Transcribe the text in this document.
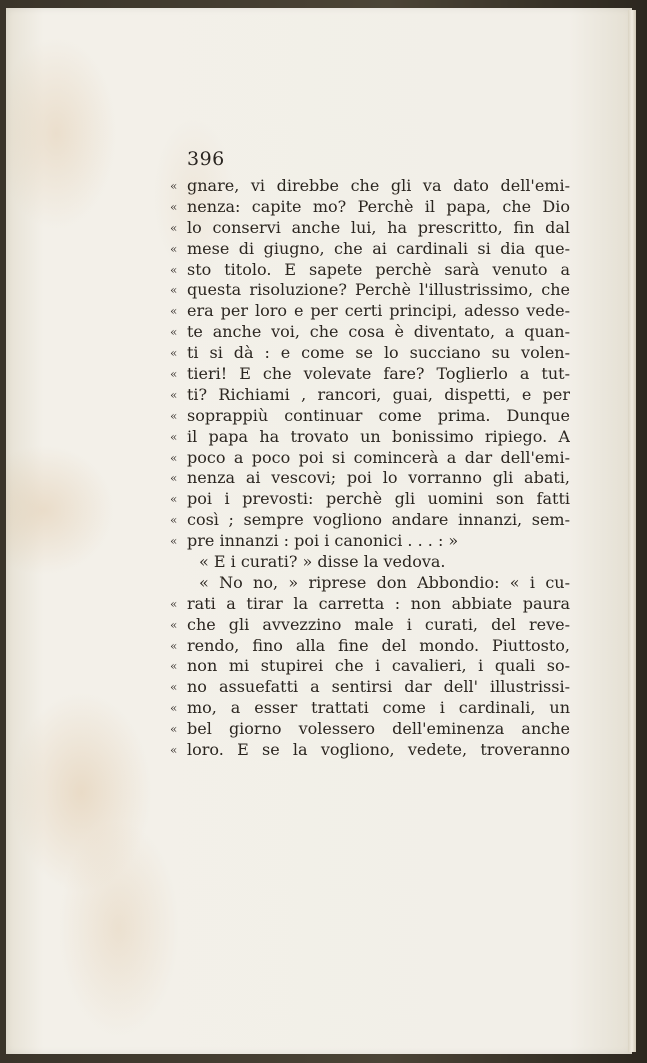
396
« gnare, vi direbbe che gli va dato dell'emi-
« nenza: capite mo? Perchè il papa, che Dio
« lo conservi anche lui, ha prescritto, fin dal
« mese di giugno, che ai cardinali si dia que-
« sto titolo. E sapete perchè sarà venuto a
« questa risoluzione? Perchè l'illustrissimo, che
« era per loro e per certi principi, adesso vede-
« te anche voi, che cosa è diventato, a quan-
« ti si dà : e come se lo succiano su volen-
« tieri! E che volevate fare? Toglierlo a tut-
« ti? Richiami , rancori, guai, dispetti, e per
« soprappiù continuar come prima. Dunque
« il papa ha trovato un bonissimo ripiego. A
« poco a poco poi si comincerà a dar dell'emi-
« nenza ai vescovi; poi lo vorranno gli abati,
« poi i prevosti: perchè gli uomini son fatti
« così ; sempre vogliono andare innanzi, sem-
« pre innanzi : poi i canonici . . . : »
« E i curati? » disse la vedova.
« No no, » riprese don Abbondio: « i cu-
« rati a tirar la carretta : non abbiate paura
« che gli avvezzino male i curati, del reve-
« rendo, fino alla fine del mondo. Piuttosto,
« non mi stupirei che i cavalieri, i quali so-
« no assuefatti a sentirsi dar dell' illustrissi-
« mo, a esser trattati come i cardinali, un
« bel giorno volessero dell'eminenza anche
« loro. E se la vogliono, vedete, troveranno
